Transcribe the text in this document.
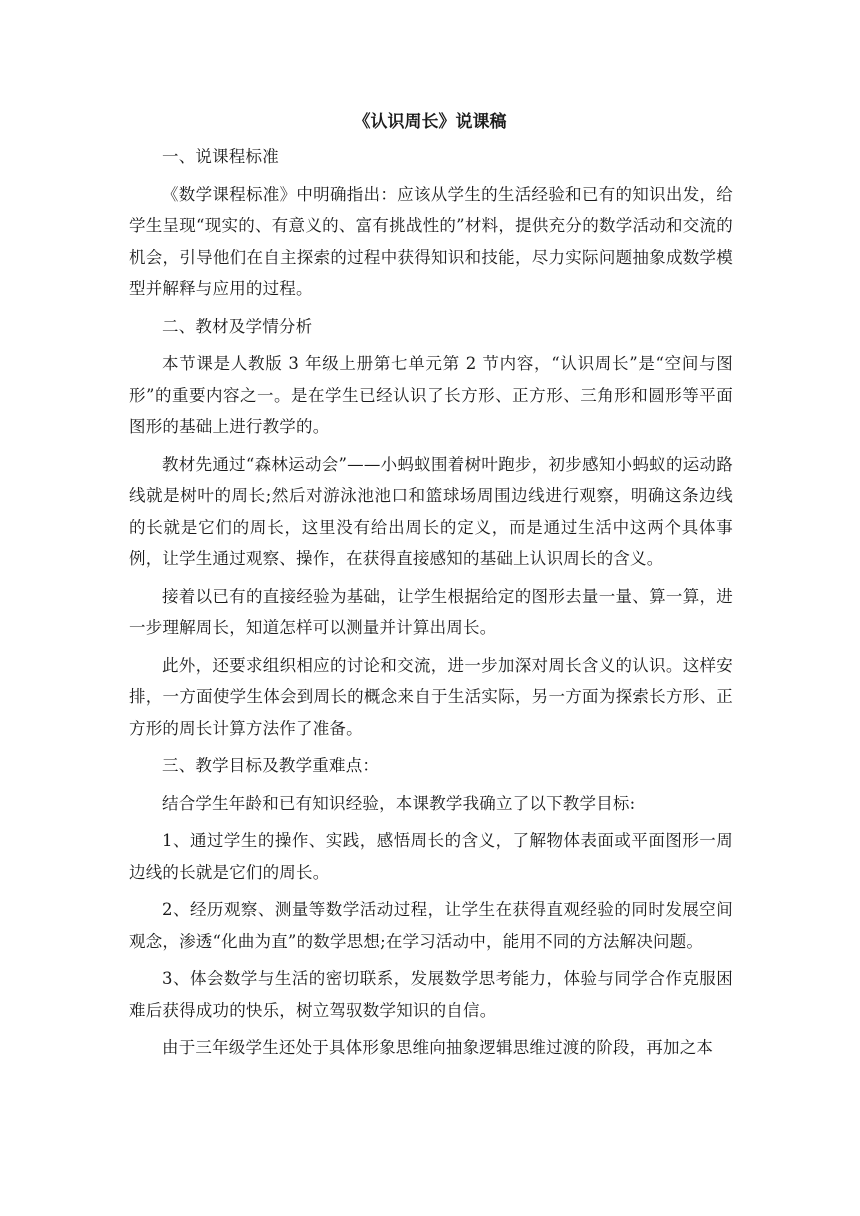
《认识周长》说课稿

一、说课程标准

《数学课程标准》中明确指出：应该从学生的生活经验和已有的知识出发，给学生呈现“现实的、有意义的、富有挑战性的”材料，提供充分的数学活动和交流的机会，引导他们在自主探索的过程中获得知识和技能，尽力实际问题抽象成数学模型并解释与应用的过程。

二、教材及学情分析

本节课是人教版 3 年级上册第七单元第 2 节内容，“认识周长”是“空间与图形”的重要内容之一。是在学生已经认识了长方形、正方形、三角形和圆形等平面图形的基础上进行教学的。

教材先通过“森林运动会”——小蚂蚁围着树叶跑步，初步感知小蚂蚁的运动路线就是树叶的周长;然后对游泳池池口和篮球场周围边线进行观察，明确这条边线的长就是它们的周长，这里没有给出周长的定义，而是通过生活中这两个具体事例，让学生通过观察、操作，在获得直接感知的基础上认识周长的含义。

接着以已有的直接经验为基础，让学生根据给定的图形去量一量、算一算，进一步理解周长，知道怎样可以测量并计算出周长。

此外，还要求组织相应的讨论和交流，进一步加深对周长含义的认识。这样安排，一方面使学生体会到周长的概念来自于生活实际，另一方面为探索长方形、正方形的周长计算方法作了准备。

三、教学目标及教学重难点：

结合学生年龄和已有知识经验，本课教学我确立了以下教学目标:

1、通过学生的操作、实践，感悟周长的含义，了解物体表面或平面图形一周边线的长就是它们的周长。

2、经历观察、测量等数学活动过程，让学生在获得直观经验的同时发展空间观念，渗透“化曲为直”的数学思想;在学习活动中，能用不同的方法解决问题。

3、体会数学与生活的密切联系，发展数学思考能力，体验与同学合作克服困难后获得成功的快乐，树立驾驭数学知识的自信。

由于三年级学生还处于具体形象思维向抽象逻辑思维过渡的阶段，再加之本
